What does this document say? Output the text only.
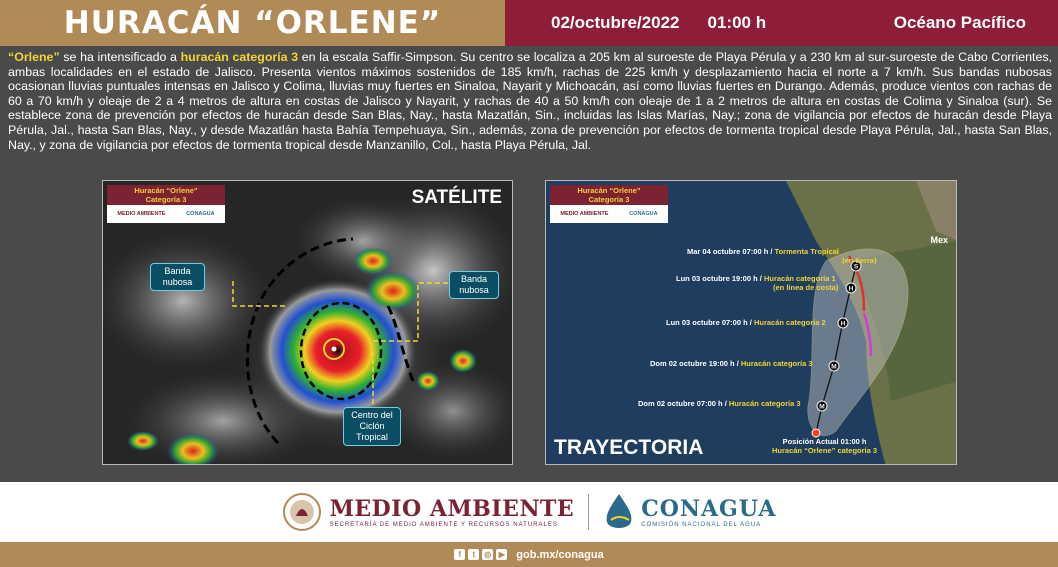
HURACÁN “ORLENE”	02/octubre/2022 01:00 h	Océano Pacífico
“Orlene” se ha intensificado a huracán categoría 3 en la escala Saffir-Simpson. Su centro se localiza a 205 km al suroeste de Playa Pérula y a 230 km al sur-suroeste de Cabo Corrientes, ambas localidades en el estado de Jalisco. Presenta vientos máximos sostenidos de 185 km/h, rachas de 225 km/h y desplazamiento hacia el norte a 7 km/h. Sus bandas nubosas ocasionan lluvias puntuales intensas en Jalisco y Colima, lluvias muy fuertes en Sinaloa, Nayarit y Michoacán, así como lluvias fuertes en Durango. Además, produce vientos con rachas de 60 a 70 km/h y oleaje de 2 a 4 metros de altura en costas de Jalisco y Nayarit, y rachas de 40 a 50 km/h con oleaje de 1 a 2 metros de altura en costas de Colima y Sinaloa (sur). Se establece zona de prevención por efectos de huracán desde San Blas, Nay., hasta Mazatlán, Sin., incluidas las Islas Marías, Nay.; zona de vigilancia por efectos de huracán desde Playa Pérula, Jal., hasta San Blas, Nay., y desde Mazatlán hasta Bahía Tempehuaya, Sin., además, zona de prevención por efectos de tormenta tropical desde Playa Pérula, Jal., hasta San Blas, Nay., y zona de vigilancia por efectos de tormenta tropical desde Manzanillo, Col., hasta Playa Pérula, Jal.
Huracán “Orlene”
Categoría 3
MEDIO AMBIENTE	CONAGUA
SATÉLITE
Banda nubosa	Banda nubosa
Centro del Ciclón Tropical
S
H
H
M
M
Huracán “Orlene”
Categoría 3
MEDIO AMBIENTE	CONAGUA
Mex
Mar 04 octubre 07:00 h / Tormenta Tropical
(en tierra)
Lun 03 octubre 19:00 h / Huracán categoría 1
(en línea de costa)
Lun 03 octubre 07:00 h / Huracán categoría 2
Dom 02 octubre 19:00 h / Huracán categoría 3
Dom 02 octubre 07:00 h / Huracán categoría 3
Posición Actual 01:00 h
Huracán “Orlene” categoría 3
TRAYECTORIA
MEDIO AMBIENTE
SECRETARÍA DE MEDIO AMBIENTE Y RECURSOS NATURALES
CONAGUA
COMISIÓN NACIONAL DEL AGUA
f	t	◎ ▶ gob.mx/conagua
